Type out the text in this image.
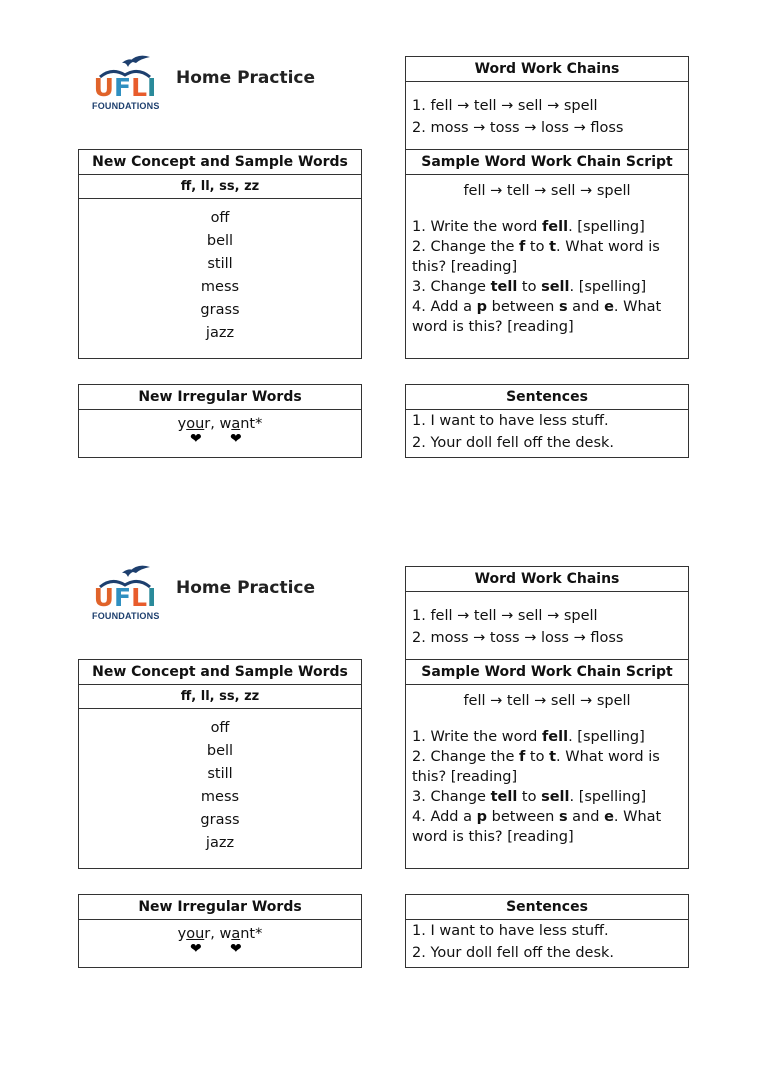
UFLI
FOUNDATIONS
Home Practice
New Concept and Sample Words
ff, ll, ss, zz
off
bell
still
mess
grass
jazz
New Irregular Words
your, want*
❤ ❤
Word Work Chains
1. fell → tell → sell → spell
2. moss → toss → loss → floss
Sample Word Work Chain Script
fell → tell → sell → spell
1. Write the word fell. [spelling]
2. Change the f to t. What word is this? [reading]
3. Change tell to sell. [spelling]
4. Add a p between s and e. What word is this? [reading]
Sentences
1. I want to have less stuff.
2. Your doll fell off the desk.
UFLI
FOUNDATIONS
Home Practice
New Concept and Sample Words
ff, ll, ss, zz
off
bell
still
mess
grass
jazz
New Irregular Words
your, want*
❤ ❤
Word Work Chains
1. fell → tell → sell → spell
2. moss → toss → loss → floss
Sample Word Work Chain Script
fell → tell → sell → spell
1. Write the word fell. [spelling]
2. Change the f to t. What word is this? [reading]
3. Change tell to sell. [spelling]
4. Add a p between s and e. What word is this? [reading]
Sentences
1. I want to have less stuff.
2. Your doll fell off the desk.
